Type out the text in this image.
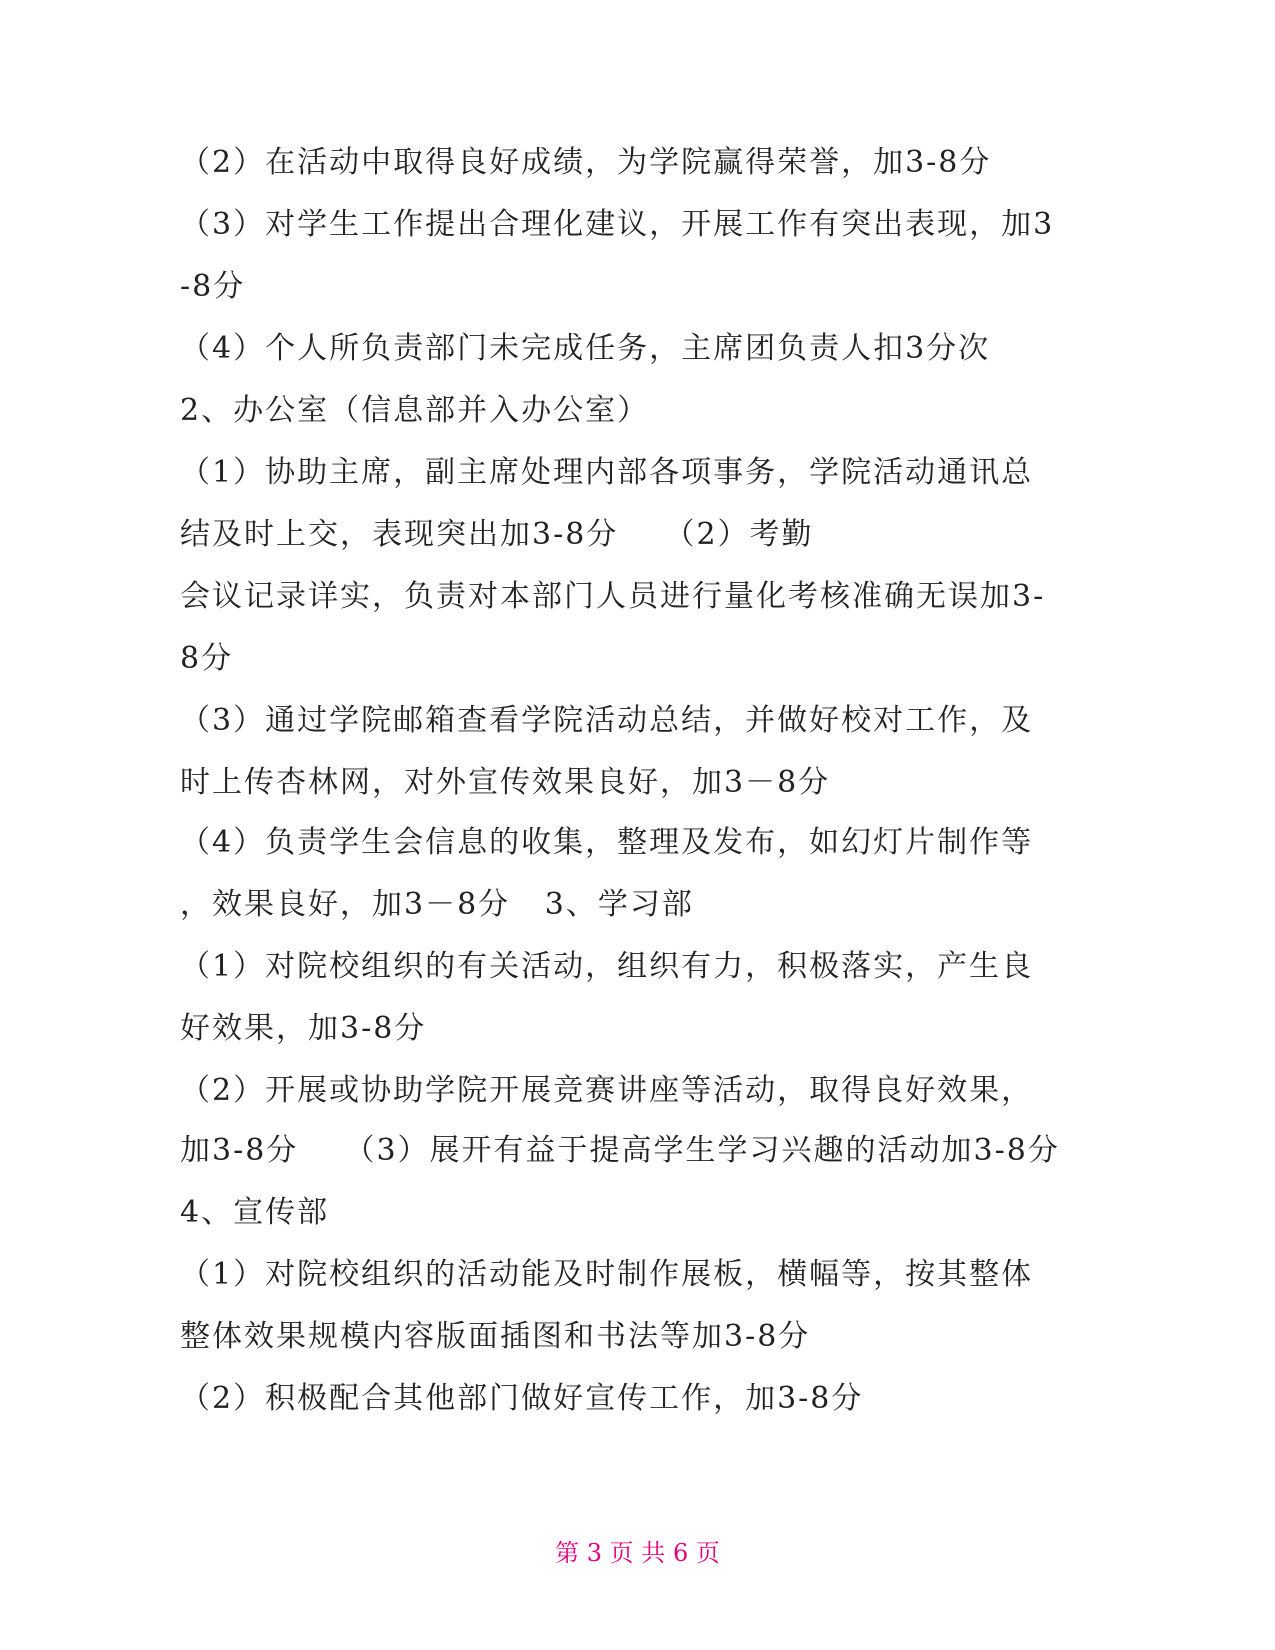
（2）在活动中取得良好成绩，为学院赢得荣誉，加3-8分
（3）对学生工作提出合理化建议，开展工作有突出表现，加3
-8分
（4）个人所负责部门未完成任务，主席团负责人扣3分次
2、办公室（信息部并入办公室）
（1）协助主席，副主席处理内部各项事务，学院活动通讯总
结及时上交，表现突出加3-8分    （2）考勤
会议记录详实，负责对本部门人员进行量化考核准确无误加3-
8分
（3）通过学院邮箱查看学院活动总结，并做好校对工作，及
时上传杏林网，对外宣传效果良好，加3－8分
（4）负责学生会信息的收集，整理及发布，如幻灯片制作等
，效果良好，加3－8分   3、学习部
（1）对院校组织的有关活动，组织有力，积极落实，产生良
好效果，加3-8分
（2）开展或协助学院开展竞赛讲座等活动，取得良好效果，
加3-8分    （3）展开有益于提高学生学习兴趣的活动加3-8分
4、宣传部
（1）对院校组织的活动能及时制作展板，横幅等，按其整体
整体效果规模内容版面插图和书法等加3-8分
（2）积极配合其他部门做好宣传工作，加3-8分
第 3 页 共 6 页
